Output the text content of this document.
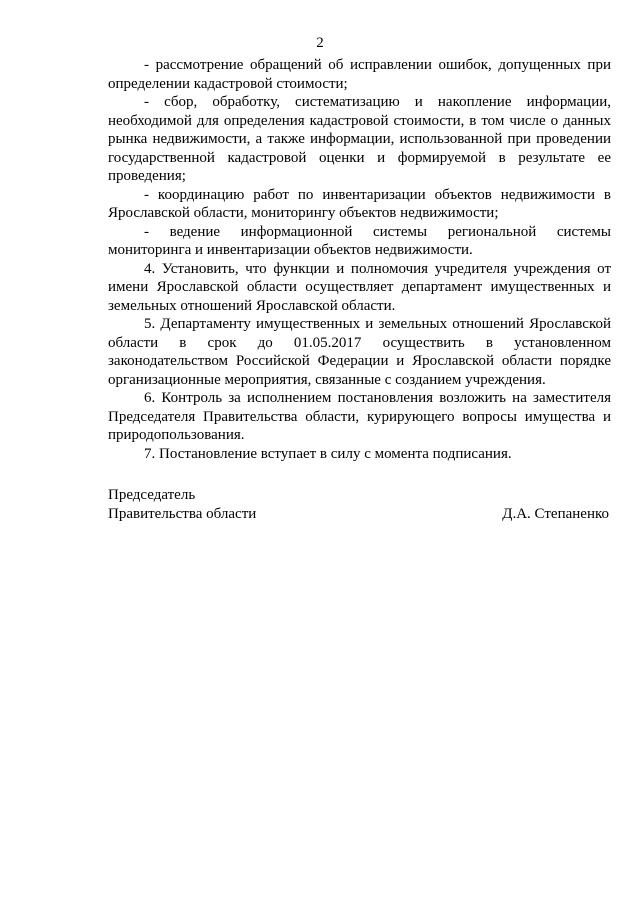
2

- рассмотрение обращений об исправлении ошибок, допущенных при определении кадастровой стоимости;

- сбор, обработку, систематизацию и накопление информации, необходимой для определения кадастровой стоимости, в том числе о данных рынка недвижимости, а также информации, использованной при проведении государственной кадастровой оценки и формируемой в результате ее проведения;

- координацию работ по инвентаризации объектов недвижимости в Ярославской области, мониторингу объектов недвижимости;

- ведение информационной системы региональной системы мониторинга и инвентаризации объектов недвижимости.

4. Установить, что функции и полномочия учредителя учреждения от имени Ярославской области осуществляет департамент имущественных и земельных отношений Ярославской области.

5. Департаменту имущественных и земельных отношений Ярославской области в срок до 01.05.2017 осуществить в установленном законодательством Российской Федерации и Ярославской области порядке организационные мероприятия, связанные с созданием учреждения.

6. Контроль за исполнением постановления возложить на заместителя Председателя Правительства области, курирующего вопросы имущества и природопользования.

7. Постановление вступает в силу с момента подписания.

Председатель
Правительства области	Д.А. Степаненко
